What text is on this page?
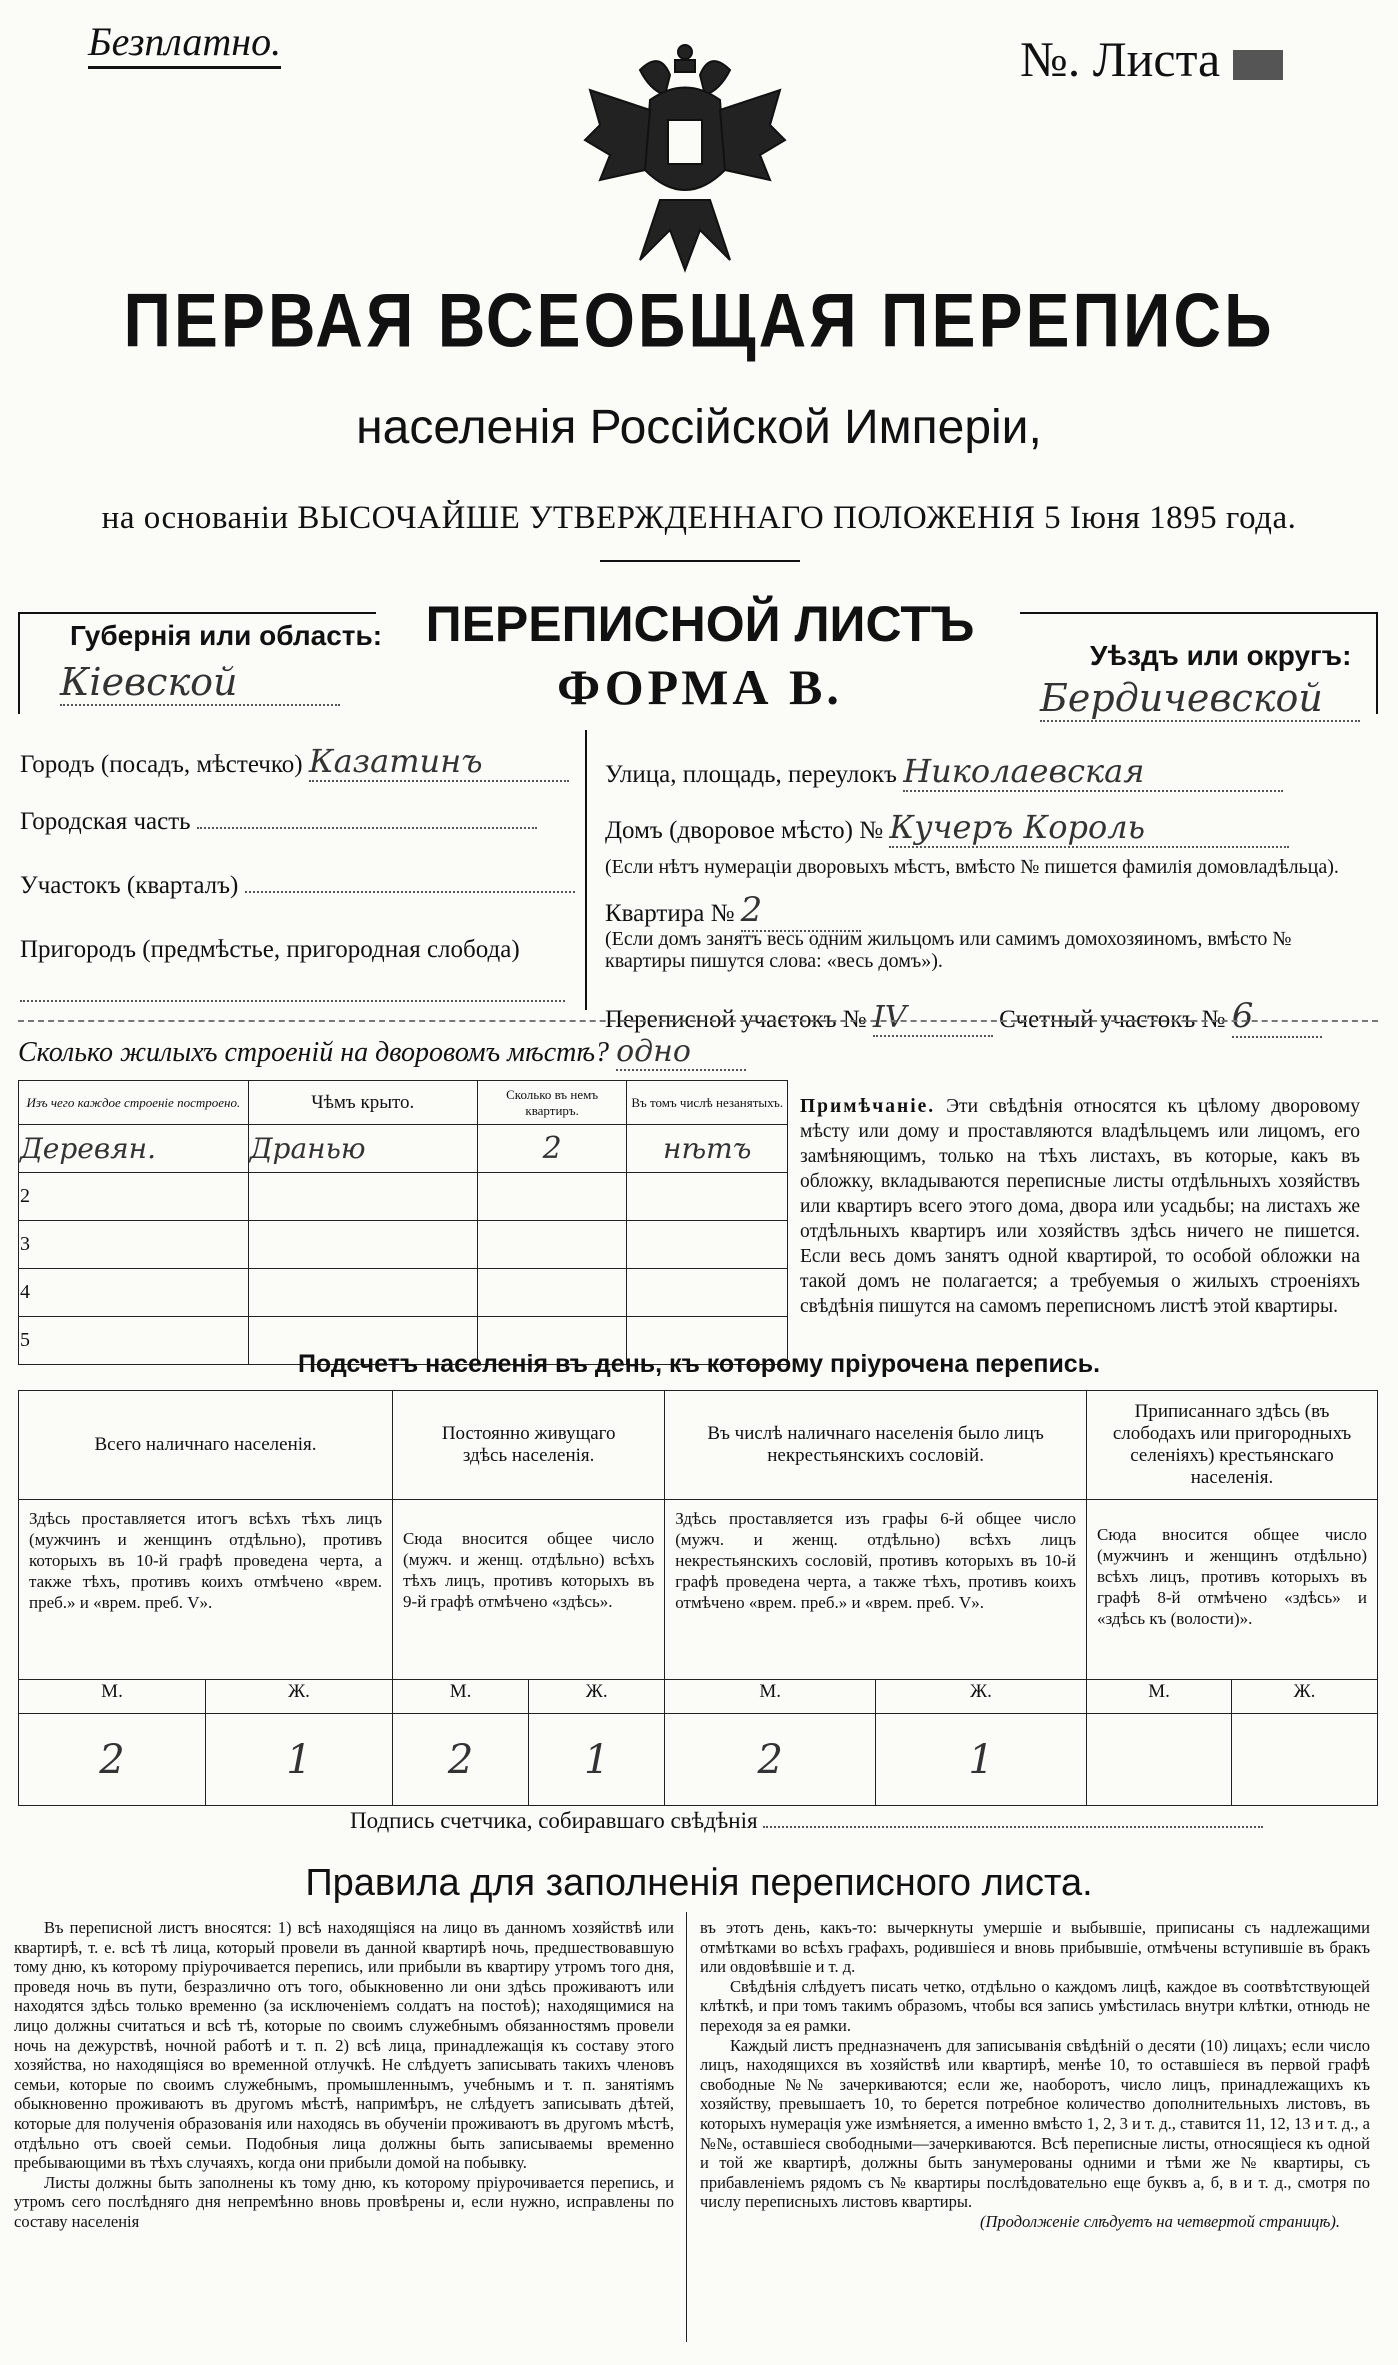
Безплатно.	№. Листа
ПЕРВАЯ ВСЕОБЩАЯ ПЕРЕПИСЬ
населенія Россійской Имперіи,
на основаніи ВЫСОЧАЙШЕ УТВЕРЖДЕННАГО ПОЛОЖЕНІЯ 5 Іюня 1895 года.
Губернія или область:
Кіевской
ПЕРЕПИСНОЙ ЛИСТЪ
ФОРМА В.
Уѣздъ или округъ:
Бердичевской
Городъ (посадъ, мѣстечко) Казатинъ
Городская часть
Участокъ (кварталъ)
Пригородъ (предмѣстье, пригородная слобода)
Улица, площадь, переулокъ Николаевская
Домъ (дворовое мѣсто) № Кучеръ Король
(Если нѣтъ нумераціи дворовыхъ мѣстъ, вмѣсто № пишется фамилія домовладѣльца).
Квартира № 2
(Если домъ занятъ весь одним жильцомъ или самимъ домохозяиномъ, вмѣсто № квартиры пишутся слова: «весь домъ»).
Переписной участокъ № IV	Счетный участокъ № 6
Сколько жилыхъ строеній на дворовомъ мѣстѣ? одно
Изъ чего каждое строеніе построено.	Чѣмъ крыто.	Сколько въ немъ квартиръ.	Въ томъ числѣ незанятыхъ.
Деревян.	Дранью	2	нѣтъ
2			
3			
4			
5			
Примѣчаніе. Эти свѣдѣнія относятся къ цѣлому дворовому мѣсту или дому и проставляются владѣльцемъ или лицомъ, его замѣняющимъ, только на тѣхъ листахъ, въ которые, какъ въ обложку, вкладываются переписные листы отдѣльныхъ хозяйствъ или квартиръ всего этого дома, двора или усадьбы; на листахъ же отдѣльныхъ квартиръ или хозяйствъ здѣсь ничего не пишется. Если весь домъ занятъ одной квартирой, то особой обложки на такой домъ не полагается; а требуемыя о жилыхъ строеніяхъ свѣдѣнія пишутся на самомъ переписномъ листѣ этой квартиры.
Подсчетъ населенія въ день, къ которому пріурочена перепись.
Всего наличнаго населенія.		Постоянно живущаго здѣсь населенія.		Въ числѣ наличнаго населенія было лицъ некрестьянскихъ сословій.		Приписаннаго здѣсь (въ слободахъ или пригородныхъ селеніяхъ) крестьянскаго населенія.	
Здѣсь проставляется итогъ всѣхъ тѣхъ лицъ (мужчинъ и женщинъ отдѣльно), противъ которыхъ въ 10-й графѣ проведена черта, а также тѣхъ, противъ коихъ отмѣчено «врем. преб.» и «врем. преб. V».		Сюда вносится общее число (мужч. и женщ. отдѣльно) всѣхъ тѣхъ лицъ, противъ которыхъ въ 9-й графѣ отмѣчено «здѣсь».		Здѣсь проставляется изъ графы 6-й общее число (мужч. и женщ. отдѣльно) всѣхъ лицъ некрестьянскихъ сословій, противъ которыхъ въ 10-й графѣ проведена черта, а также тѣхъ, противъ коихъ отмѣчено «врем. преб.» и «врем. преб. V».		Сюда вносится общее число (мужчинъ и женщинъ отдѣльно) всѣхъ лицъ, противъ которыхъ въ графѣ 8-й отмѣчено «здѣсь» и «здѣсь къ (волости)».	
М.	Ж.	М.	Ж.	М.	Ж.	М.	Ж.
2	1	2	1	2	1		
Подпись счетчика, собиравшаго свѣдѣнія
Правила для заполненія переписного листа.

Въ переписной листъ вносятся: 1) всѣ находящіяся на лицо въ данномъ хозяйствѣ или квартирѣ, т. е. всѣ тѣ лица, который провели въ данной квартирѣ ночь, предшествовавшую тому дню, къ которому пріурочивается перепись, или прибыли въ квартиру утромъ того дня, проведя ночь въ пути, безразлично отъ того, обыкновенно ли они здѣсь проживаютъ или находятся здѣсь только временно (за исключеніемъ солдатъ на постоѣ); находящимися на лицо должны считаться и всѣ тѣ, которые по своимъ служебнымъ обязанностямъ провели ночь на дежурствѣ, ночной работѣ и т. п. 2) всѣ лица, принадлежащія къ составу этого хозяйства, но находящіяся во временной отлучкѣ. Не слѣдуетъ записывать такихъ членовъ семьи, которые по своимъ служебнымъ, промышленнымъ, учебнымъ и т. п. занятіямъ обыкновенно проживаютъ въ другомъ мѣстѣ, напримѣръ, не слѣдуетъ записывать дѣтей, которые для полученія образованія или находясь въ обученіи проживаютъ въ другомъ мѣстѣ, отдѣльно отъ своей семьи. Подобныя лица должны быть записываемы временно пребывающими въ тѣхъ случаяхъ, когда они прибыли домой на побывку.

Листы должны быть заполнены къ тому дню, къ которому пріурочивается перепись, и утромъ сего послѣдняго дня непремѣнно вновь провѣрены и, если нужно, исправлены по составу населенія

въ этотъ день, какъ-то: вычеркнуты умершіе и выбывшіе, приписаны съ надлежащими отмѣтками во всѣхъ графахъ, родившіеся и вновь прибывшіе, отмѣчены вступившіе въ бракъ или овдовѣвшіе и т. д.

Свѣдѣнія слѣдуетъ писать четко, отдѣльно о каждомъ лицѣ, каждое въ соотвѣтствующей клѣткѣ, и при томъ такимъ образомъ, чтобы вся запись умѣстилась внутри клѣтки, отнюдь не переходя за ея рамки.

Каждый листъ предназначенъ для записыванія свѣдѣній о десяти (10) лицахъ; если число лицъ, находящихся въ хозяйствѣ или квартирѣ, менѣе 10, то оставшіеся въ первой графѣ свободные №№ зачеркиваются; если же, наоборотъ, число лицъ, принадлежащихъ къ хозяйству, превышаетъ 10, то берется потребное количество дополнительныхъ листовъ, въ которыхъ нумерація уже измѣняется, а именно вмѣсто 1, 2, 3 и т. д., ставится 11, 12, 13 и т. д., а №№, оставшіеся свободными—зачеркиваются. Всѣ переписные листы, относящіеся къ одной и той же квартирѣ, должны быть занумерованы одними и тѣми же № квартиры, съ прибавленіемъ рядомъ съ № квартиры послѣдовательно еще буквъ а, б, в и т. д., смотря по числу переписныхъ листовъ квартиры.

(Продолженіе слѣдуетъ на четвертой страницѣ).
